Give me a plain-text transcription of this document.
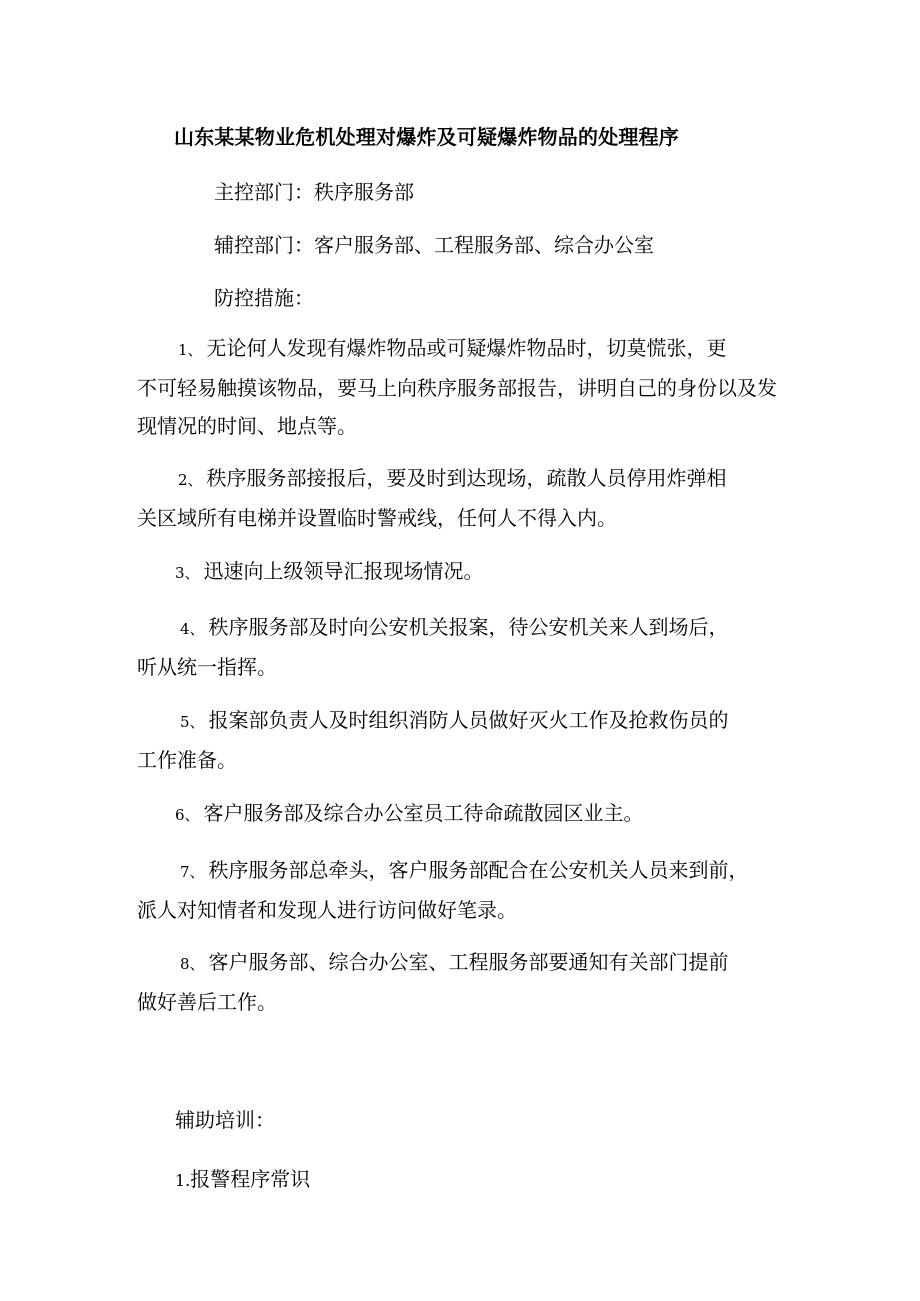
山东某某物业危机处理对爆炸及可疑爆炸物品的处理程序
主控部门：秩序服务部
辅控部门：客户服务部、工程服务部、综合办公室
防控措施：
1、 无论何人发现有爆炸物品或可疑爆炸物品时，切莫慌张，更
不可轻易触摸该物品，要马上向秩序服务部报告，讲明自己的身份以及发现情况的时间、地点等。
2、 秩序服务部接报后，要及时到达现场，疏散人员停用炸弹相
关区域所有电梯并设置临时警戒线，任何人不得入内。
3、 迅速向上级领导汇报现场情况。
4、 秩序服务部及时向公安机关报案，待公安机关来人到场后，
听从统一指挥。
5、 报案部负责人及时组织消防人员做好灭火工作及抢救伤员的
工作准备。
6、 客户服务部及综合办公室员工待命疏散园区业主。
7、 秩序服务部总牵头，客户服务部配合在公安机关人员来到前，
派人对知情者和发现人进行访问做好笔录。
8、 客户服务部、综合办公室、工程服务部要通知有关部门提前
做好善后工作。
辅助培训：
1.报警程序常识
